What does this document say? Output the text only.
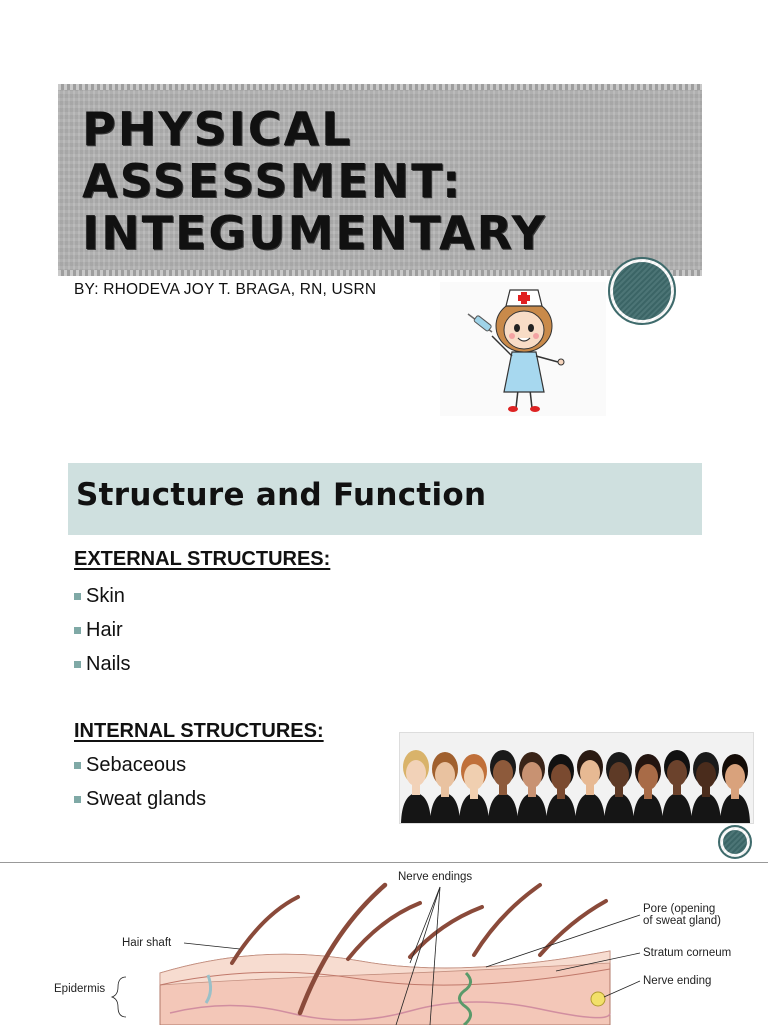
PHYSICAL
ASSESSMENT:
INTEGUMENTARY
BY: RHODEVA JOY T. BRAGA, RN, USRN
Structure and Function
EXTERNAL STRUCTURES:
Skin
Hair
Nails
INTERNAL STRUCTURES:
Sebaceous
Sweat glands
Nerve endings
Pore (opening
of sweat gland)
Hair shaft
Stratum corneum
Nerve ending
Epidermis
